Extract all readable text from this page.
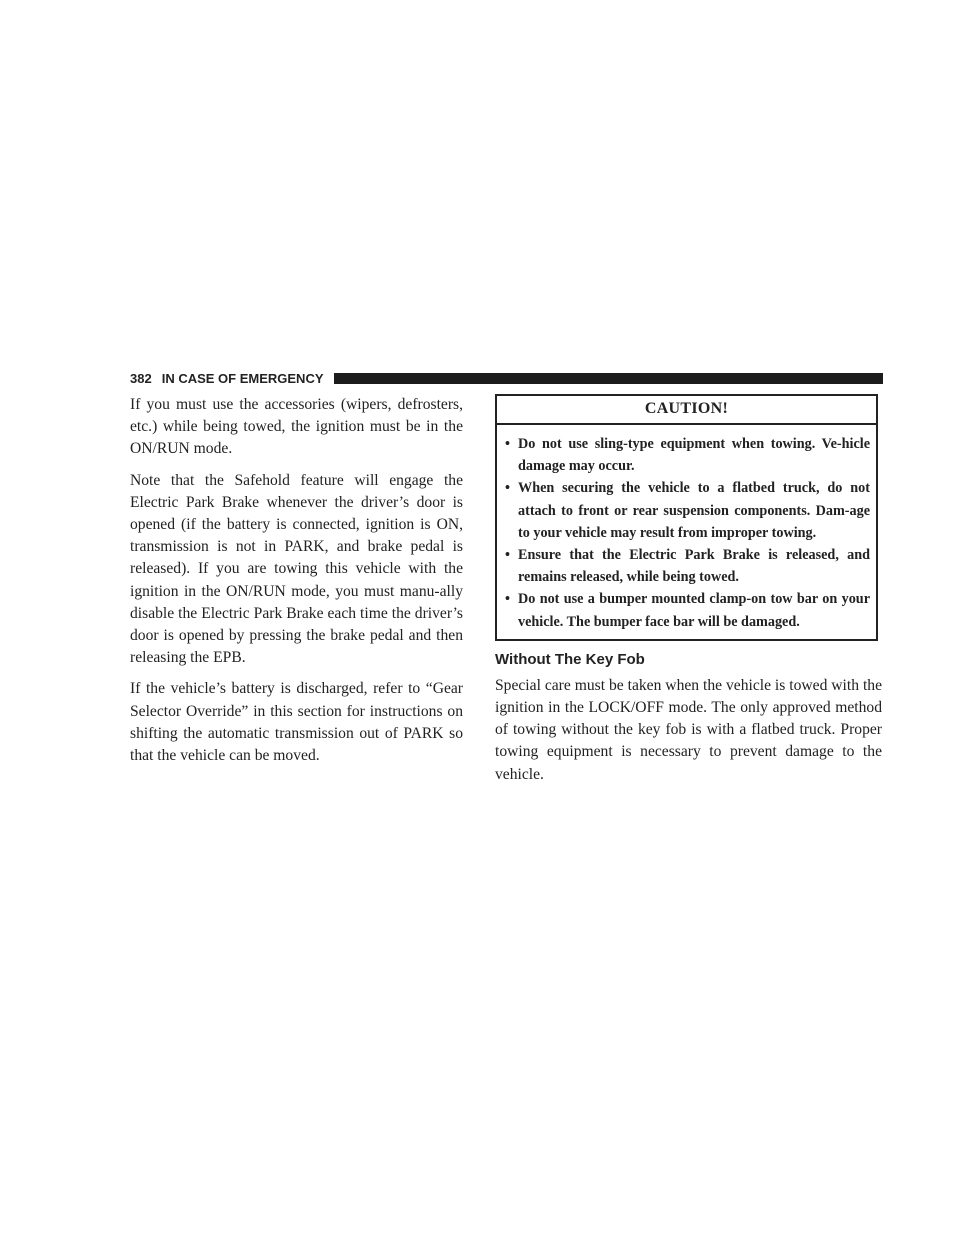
382 IN CASE OF EMERGENCY

If you must use the accessories (wipers, defrosters, etc.) while being towed, the ignition must be in the ON/RUN mode.

Note that the Safehold feature will engage the Electric Park Brake whenever the driver’s door is opened (if the battery is connected, ignition is ON, transmission is not in PARK, and brake pedal is released). If you are towing this vehicle with the ignition in the ON/RUN mode, you must manu-ally disable the Electric Park Brake each time the driver’s door is opened by pressing the brake pedal and then releasing the EPB.

If the vehicle’s battery is discharged, refer to “Gear Selector Override” in this section for instructions on shifting the automatic transmission out of PARK so that the vehicle can be moved.

CAUTION!
• Do not use sling-type equipment when towing. Ve-hicle damage may occur.
• When securing the vehicle to a flatbed truck, do not attach to front or rear suspension components. Dam-age to your vehicle may result from improper towing.
• Ensure that the Electric Park Brake is released, and remains released, while being towed.
• Do not use a bumper mounted clamp-on tow bar on your vehicle. The bumper face bar will be damaged.
Without The Key Fob

Special care must be taken when the vehicle is towed with the ignition in the LOCK/OFF mode. The only approved method of towing without the key fob is with a flatbed truck. Proper towing equipment is necessary to prevent damage to the vehicle.
